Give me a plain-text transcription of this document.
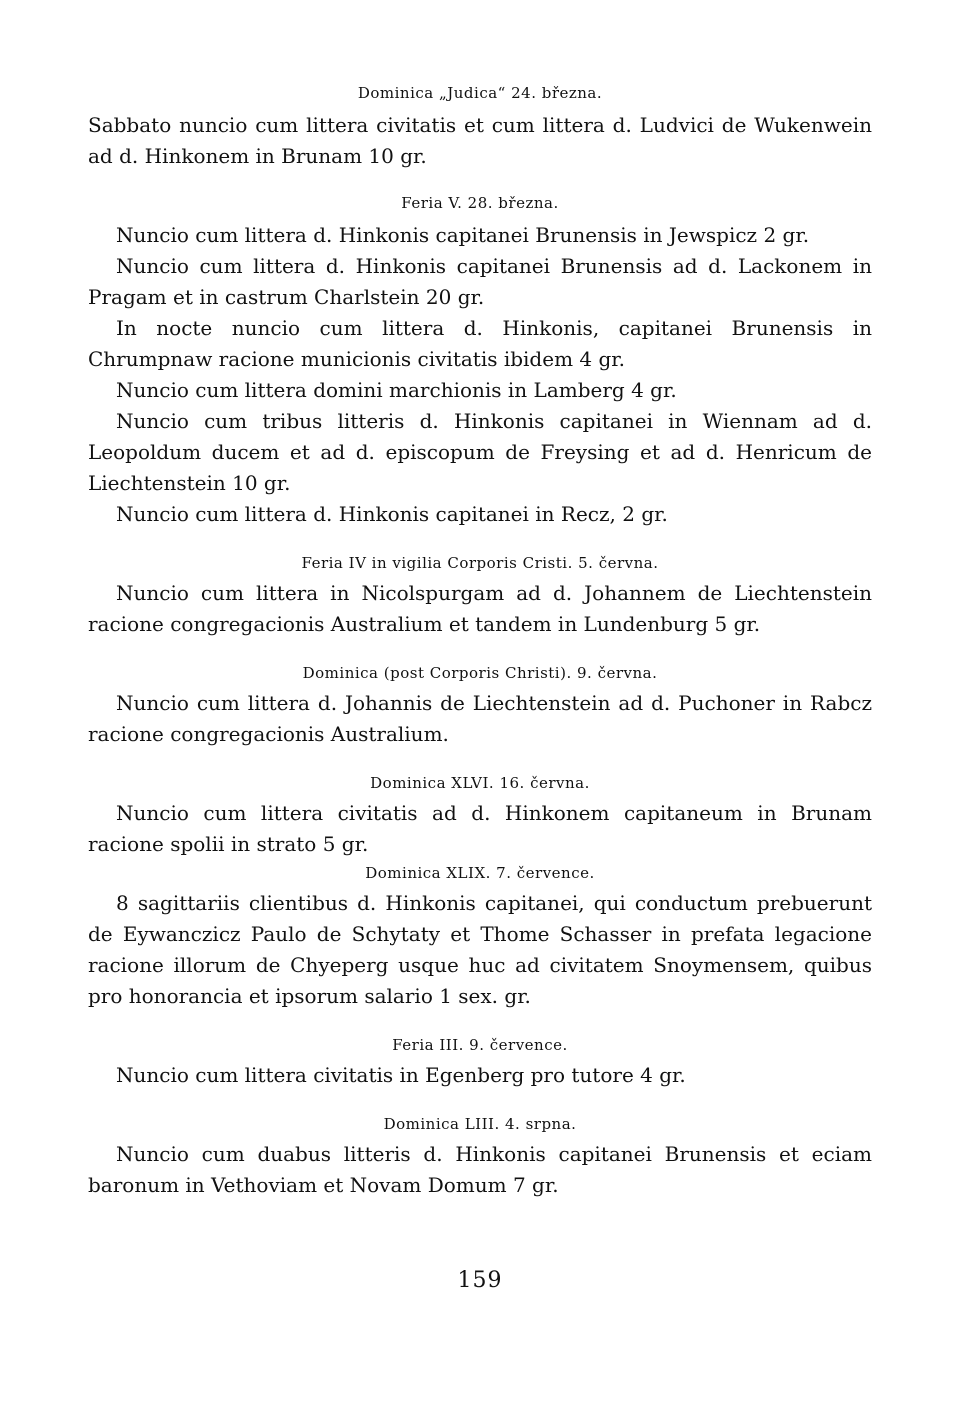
Dominica „Judica“ 24. března.

Sabbato nuncio cum littera civitatis et cum littera d. Ludvici de Wukenwein ad d. Hinkonem in Brunam 10 gr.

Feria V. 28. března.

Nuncio cum littera d. Hinkonis capitanei Brunensis in Jewspicz 2 gr.

Nuncio cum littera d. Hinkonis capitanei Brunensis ad d. Lackonem in Pragam et in castrum Charlstein 20 gr.

In nocte nuncio cum littera d. Hinkonis, capitanei Brunensis in Chrumpnaw racione municionis civitatis ibidem 4 gr.

Nuncio cum littera domini marchionis in Lamberg 4 gr.

Nuncio cum tribus litteris d. Hinkonis capitanei in Wiennam ad d. Leopoldum ducem et ad d. episcopum de Freysing et ad d. Henricum de Liechtenstein 10 gr.

Nuncio cum littera d. Hinkonis capitanei in Recz, 2 gr.

Feria IV in vigilia Corporis Cristi. 5. června.

Nuncio cum littera in Nicolspurgam ad d. Johannem de Liechtenstein racione congregacionis Australium et tandem in Lundenburg 5 gr.

Dominica (post Corporis Christi). 9. června.

Nuncio cum littera d. Johannis de Liechtenstein ad d. Puchoner in Rabcz racione congregacionis Australium.

Dominica XLVI. 16. června.

Nuncio cum littera civitatis ad d. Hinkonem capitaneum in Brunam racione spolii in strato 5 gr.

Dominica XLIX. 7. července.

8 sagittariis clientibus d. Hinkonis capitanei, qui conductum prebuerunt de Eywanczicz Paulo de Schytaty et Thome Schasser in prefata legacione racione illorum de Chyeperg usque huc ad civitatem Snoymensem, quibus pro honorancia et ipsorum salario 1 sex. gr.

Feria III. 9. července.

Nuncio cum littera civitatis in Egenberg pro tutore 4 gr.

Dominica LIII. 4. srpna.

Nuncio cum duabus litteris d. Hinkonis capitanei Brunensis et eciam baronum in Vethoviam et Novam Domum 7 gr.

159
